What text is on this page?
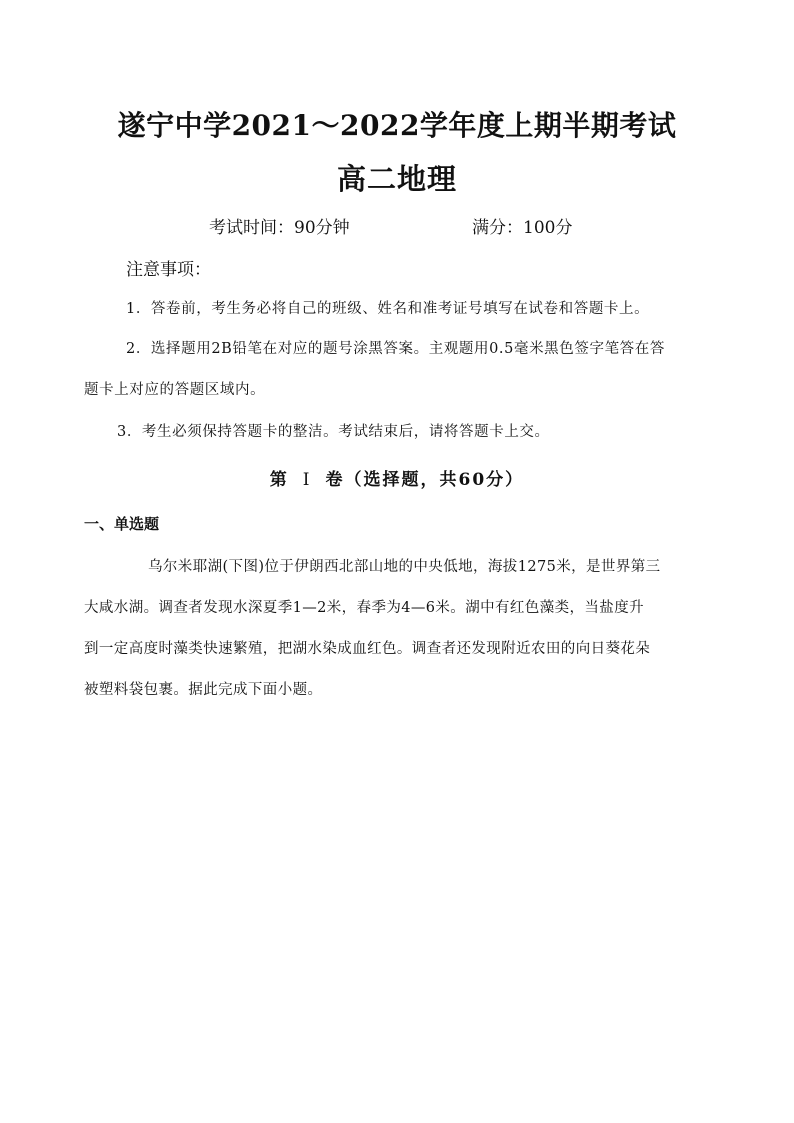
遂宁中学2021～2022学年度上期半期考试
高二地理
考试时间：90分钟	满分：100分
注意事项：
1．答卷前，考生务必将自己的班级、姓名和准考证号填写在试卷和答题卡上。
2．选择题用2B铅笔在对应的题号涂黑答案。主观题用0.5毫米黑色签字笔答在答
题卡上对应的答题区域内。
3．考生必须保持答题卡的整洁。考试结束后，请将答题卡上交。
第 Ⅰ 卷（选择题，共60分）
一、单选题
乌尔米耶湖(下图)位于伊朗西北部山地的中央低地，海拔1275米，是世界第三
大咸水湖。调查者发现水深夏季1—2米，春季为4—6米。湖中有红色藻类，当盐度升
到一定高度时藻类快速繁殖，把湖水染成血红色。调查者还发现附近农田的向日葵花朵
被塑料袋包裹。据此完成下面小题。
